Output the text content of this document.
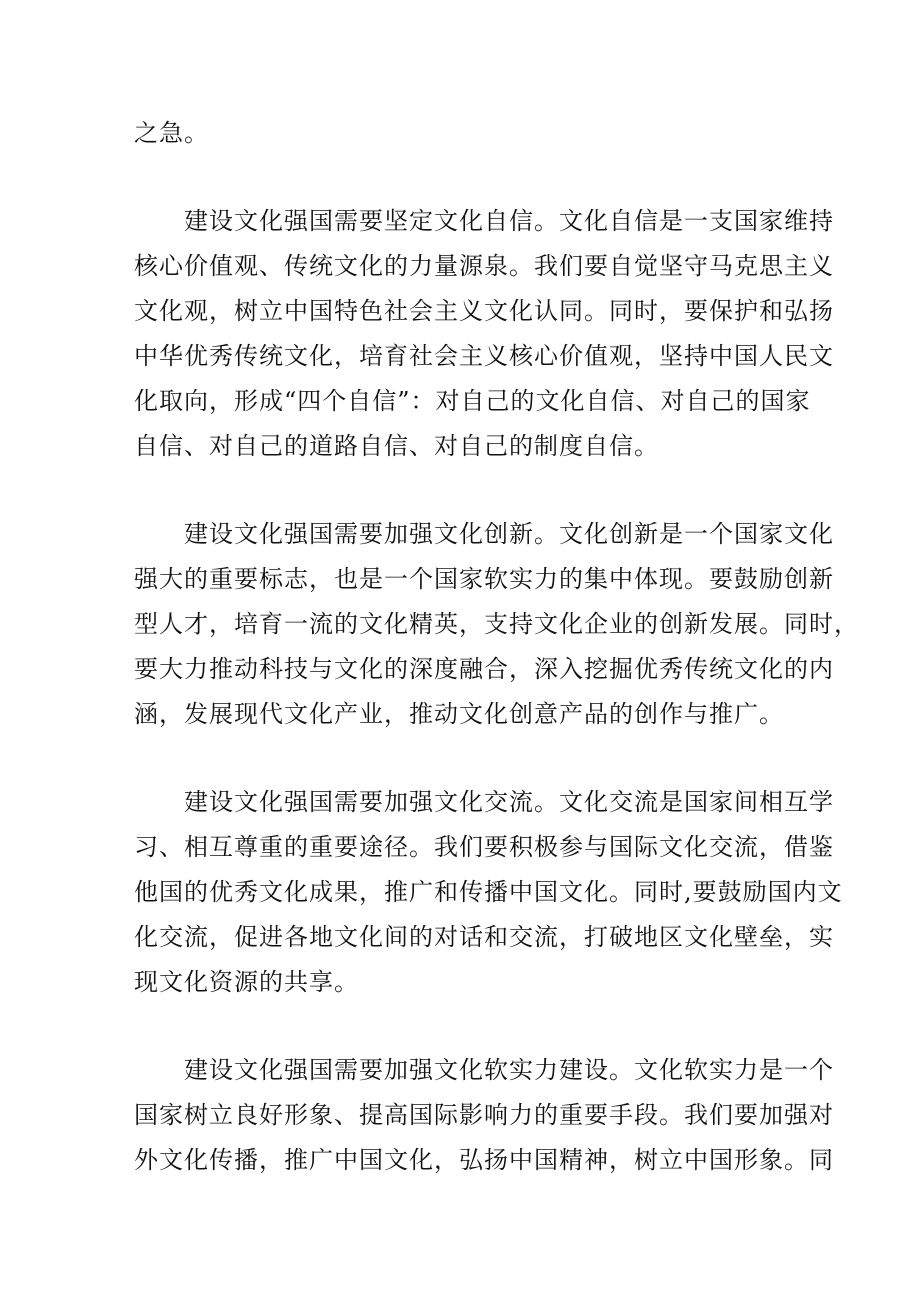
之急。
建设文化强国需要坚定文化自信。文化自信是一支国家维持
核心价值观、传统文化的力量源泉。我们要自觉坚守马克思主义
文化观，树立中国特色社会主义文化认同。同时，要保护和弘扬
中华优秀传统文化，培育社会主义核心价值观，坚持中国人民文
化取向，形成“四个自信”：对自己的文化自信、对自己的国家
自信、对自己的道路自信、对自己的制度自信。
建设文化强国需要加强文化创新。文化创新是一个国家文化
强大的重要标志，也是一个国家软实力的集中体现。要鼓励创新
型人才，培育一流的文化精英，支持文化企业的创新发展。同时，
要大力推动科技与文化的深度融合，深入挖掘优秀传统文化的内
涵，发展现代文化产业，推动文化创意产品的创作与推广。
建设文化强国需要加强文化交流。文化交流是国家间相互学
习、相互尊重的重要途径。我们要积极参与国际文化交流，借鉴
他国的优秀文化成果，推广和传播中国文化。同时,要鼓励国内文
化交流，促进各地文化间的对话和交流，打破地区文化壁垒，实
现文化资源的共享。
建设文化强国需要加强文化软实力建设。文化软实力是一个
国家树立良好形象、提高国际影响力的重要手段。我们要加强对
外文化传播，推广中国文化，弘扬中国精神，树立中国形象。同
